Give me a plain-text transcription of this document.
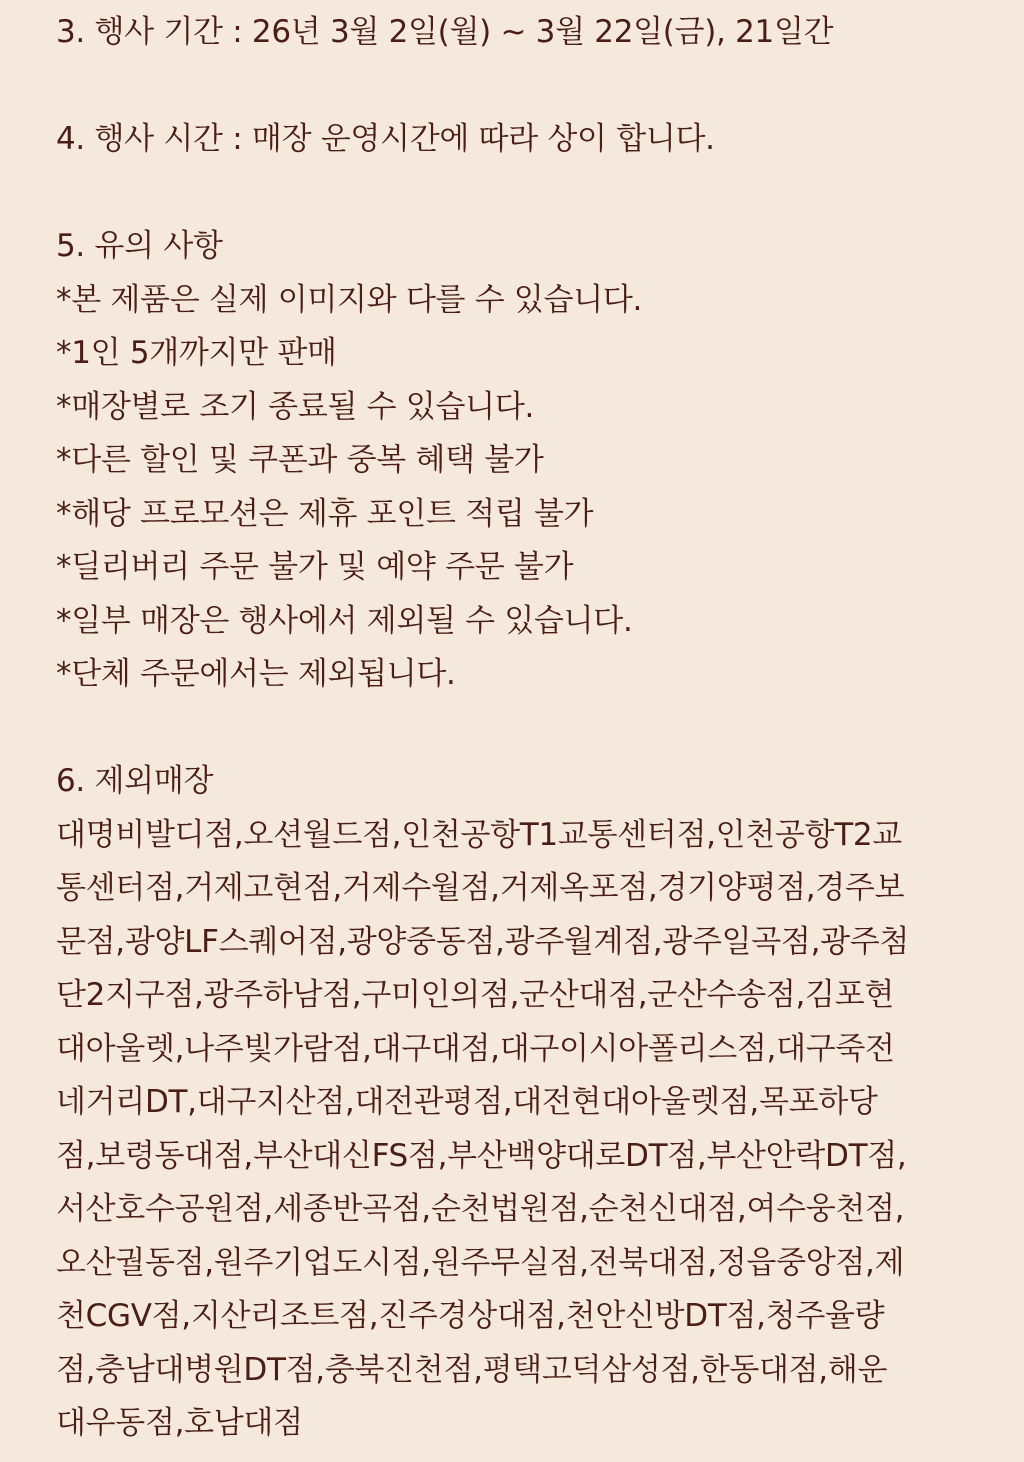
3. 행사 기간 : 26년 3월 2일(월) ~ 3월 22일(금), 21일간
4. 행사 시간 : 매장 운영시간에 따라 상이 합니다.
5. 유의 사항
*본 제품은 실제 이미지와 다를 수 있습니다.
*1인 5개까지만 판매
*매장별로 조기 종료될 수 있습니다.
*다른 할인 및 쿠폰과 중복 혜택 불가
*해당 프로모션은 제휴 포인트 적립 불가
*딜리버리 주문 불가 및 예약 주문 불가
*일부 매장은 행사에서 제외될 수 있습니다.
*단체 주문에서는 제외됩니다.
6. 제외매장
대명비발디점,오션월드점,인천공항T1교통센터점,인천공항T2교
통센터점,거제고현점,거제수월점,거제옥포점,경기양평점,경주보
문점,광양LF스퀘어점,광양중동점,광주월계점,광주일곡점,광주첨
단2지구점,광주하남점,구미인의점,군산대점,군산수송점,김포현
대아울렛,나주빛가람점,대구대점,대구이시아폴리스점,대구죽전
네거리DT,대구지산점,대전관평점,대전현대아울렛점,목포하당
점,보령동대점,부산대신FS점,부산백양대로DT점,부산안락DT점,
서산호수공원점,세종반곡점,순천법원점,순천신대점,여수웅천점,
오산궐동점,원주기업도시점,원주무실점,전북대점,정읍중앙점,제
천CGV점,지산리조트점,진주경상대점,천안신방DT점,청주율량
점,충남대병원DT점,충북진천점,평택고덕삼성점,한동대점,해운
대우동점,호남대점
